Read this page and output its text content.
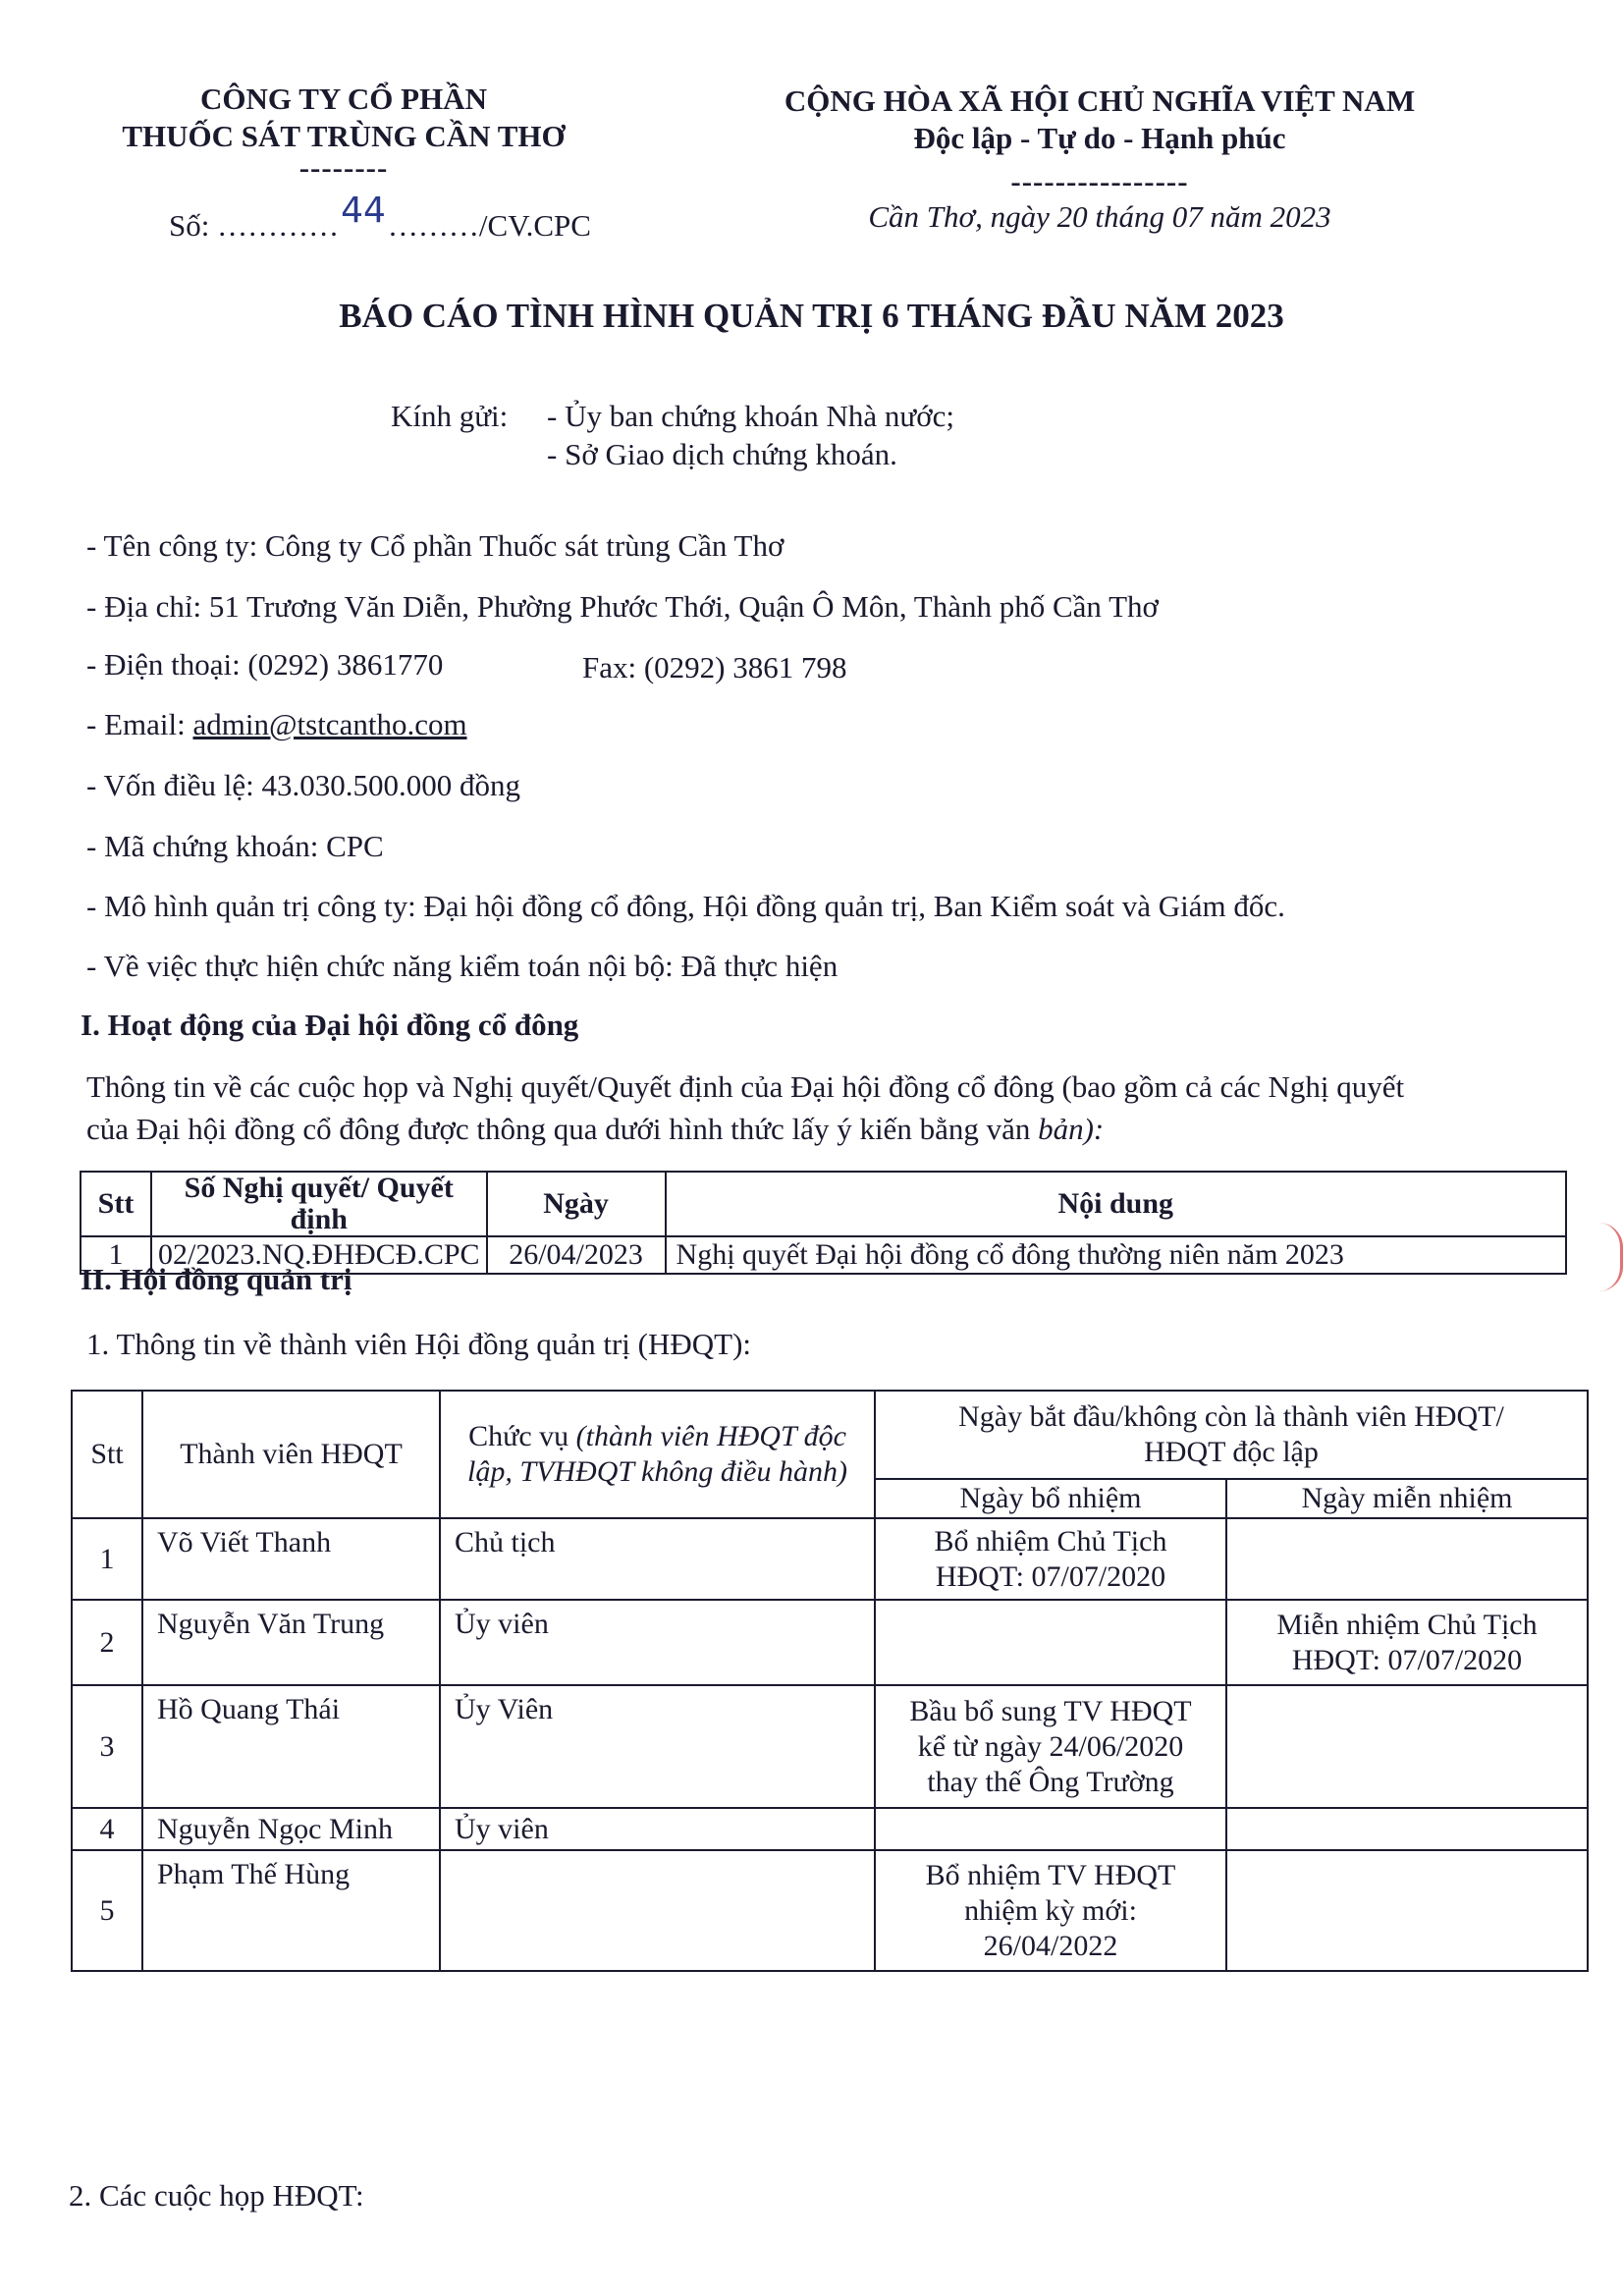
CÔNG TY CỔ PHẦN
THUỐC SÁT TRÙNG CẦN THƠ
--------
Số: …………44………/CV.CPC
CỘNG HÒA XÃ HỘI CHỦ NGHĨA VIỆT NAM
Độc lập - Tự do - Hạnh phúc
----------------
Cần Thơ, ngày 20 tháng 07 năm 2023
BÁO CÁO TÌNH HÌNH QUẢN TRỊ 6 THÁNG ĐẦU NĂM 2023
Kính gửi: - Ủy ban chứng khoán Nhà nước;
- Sở Giao dịch chứng khoán.
- Tên công ty: Công ty Cổ phần Thuốc sát trùng Cần Thơ
- Địa chỉ: 51 Trương Văn Diễn, Phường Phước Thới, Quận Ô Môn, Thành phố Cần Thơ
- Điện thoại: (0292) 3861770	Fax: (0292) 3861 798
- Email: admin@tstcantho.com
- Vốn điều lệ: 43.030.500.000 đồng
- Mã chứng khoán: CPC
- Mô hình quản trị công ty: Đại hội đồng cổ đông, Hội đồng quản trị, Ban Kiểm soát và Giám đốc.
- Về việc thực hiện chức năng kiểm toán nội bộ: Đã thực hiện
I. Hoạt động của Đại hội đồng cổ đông
Thông tin về các cuộc họp và Nghị quyết/Quyết định của Đại hội đồng cổ đông (bao gồm cả các Nghị quyết
của Đại hội đồng cổ đông được thông qua dưới hình thức lấy ý kiến bằng văn bản):
Stt	Số Nghị quyết/ Quyết định	Ngày	Nội dung
1	02/2023.NQ.ĐHĐCĐ.CPC	26/04/2023	Nghị quyết Đại hội đồng cổ đông thường niên năm 2023
II. Hội đồng quản trị
1. Thông tin về thành viên Hội đồng quản trị (HĐQT):
Stt	Thành viên HĐQT	Chức vụ (thành viên HĐQT độc lập, TVHĐQT không điều hành)	Ngày bắt đầu/không còn là thành viên HĐQT/ HĐQT độc lập	
			Ngày bổ nhiệm	Ngày miễn nhiệm
1	Võ Viết Thanh	Chủ tịch	Bổ nhiệm Chủ Tịch HĐQT: 07/07/2020	
2	Nguyễn Văn Trung	Ủy viên		Miễn nhiệm Chủ Tịch HĐQT: 07/07/2020
3	Hồ Quang Thái	Ủy Viên	Bầu bổ sung TV HĐQT kể từ ngày 24/06/2020 thay thế Ông Trường	
4	Nguyễn Ngọc Minh	Ủy viên		
5	Phạm Thế Hùng		Bổ nhiệm TV HĐQT nhiệm kỳ mới: 26/04/2022	
2. Các cuộc họp HĐQT:
